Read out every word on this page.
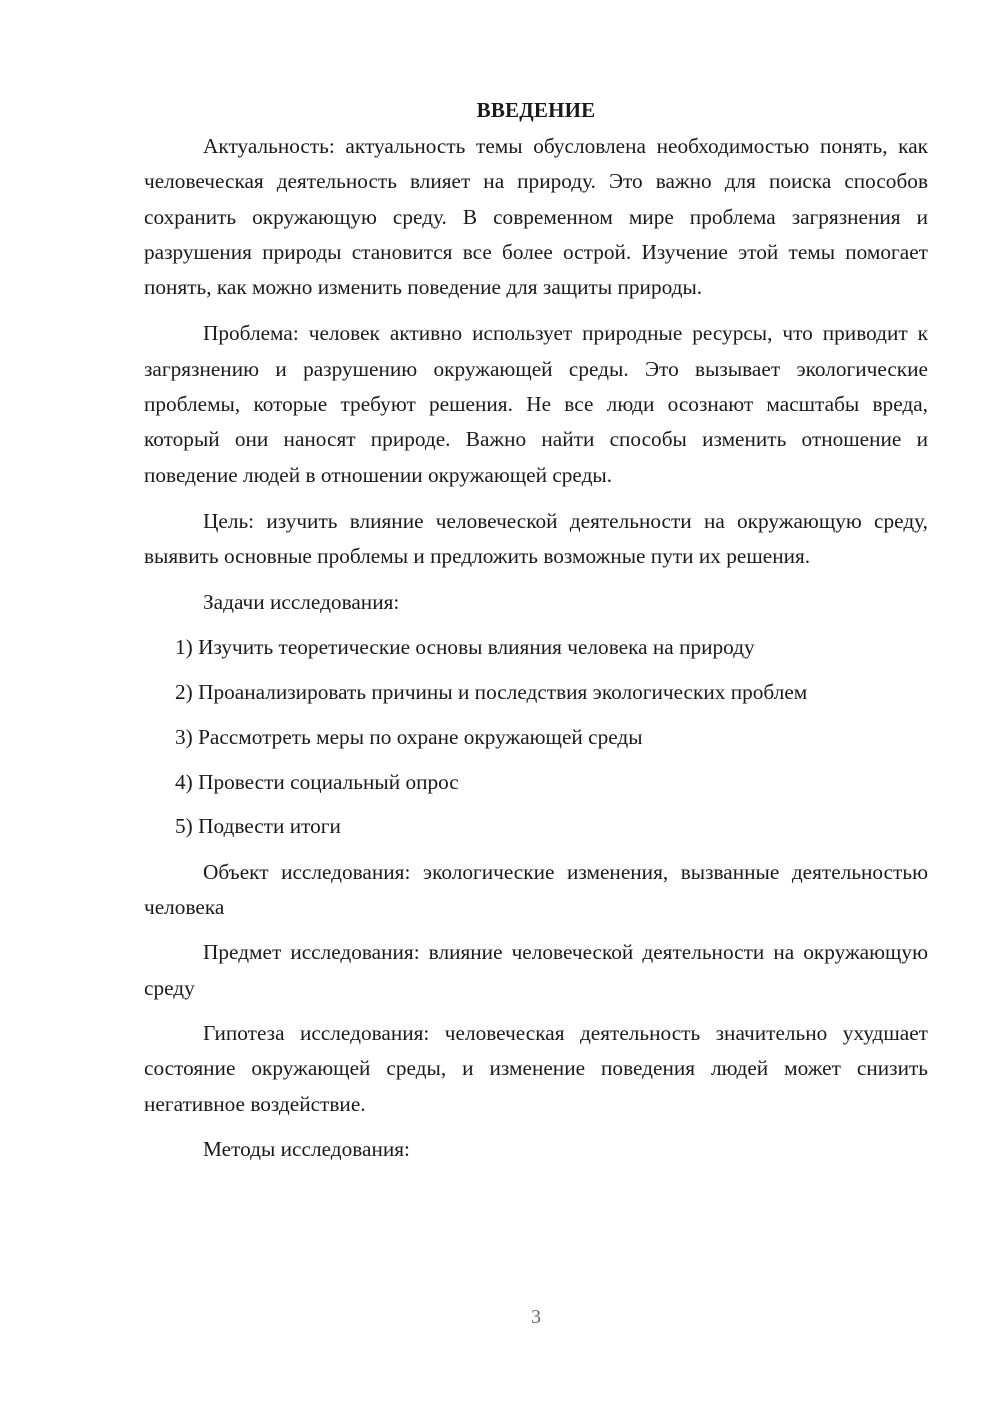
ВВЕДЕНИЕ

Актуальность: актуальность темы обусловлена необходимостью понять, как человеческая деятельность влияет на природу. Это важно для поиска способов сохранить окружающую среду. В современном мире проблема загрязнения и разрушения природы становится все более острой. Изучение этой темы помогает понять, как можно изменить поведение для защиты природы.

Проблема: человек активно использует природные ресурсы, что приводит к загрязнению и разрушению окружающей среды. Это вызывает экологические проблемы, которые требуют решения. Не все люди осознают масштабы вреда, который они наносят природе. Важно найти способы изменить отношение и поведение людей в отношении окружающей среды.

Цель: изучить влияние человеческой деятельности на окружающую среду, выявить основные проблемы и предложить возможные пути их решения.

Задачи исследования:

1) Изучить теоретические основы влияния человека на природу
2) Проанализировать причины и последствия экологических проблем
3) Рассмотреть меры по охране окружающей среды
4) Провести социальный опрос
5) Подвести итоги

Объект исследования: экологические изменения, вызванные деятельностью человека

Предмет исследования: влияние человеческой деятельности на окружающую среду

Гипотеза исследования: человеческая деятельность значительно ухудшает состояние окружающей среды, и изменение поведения людей может снизить негативное воздействие.

Методы исследования:

3
